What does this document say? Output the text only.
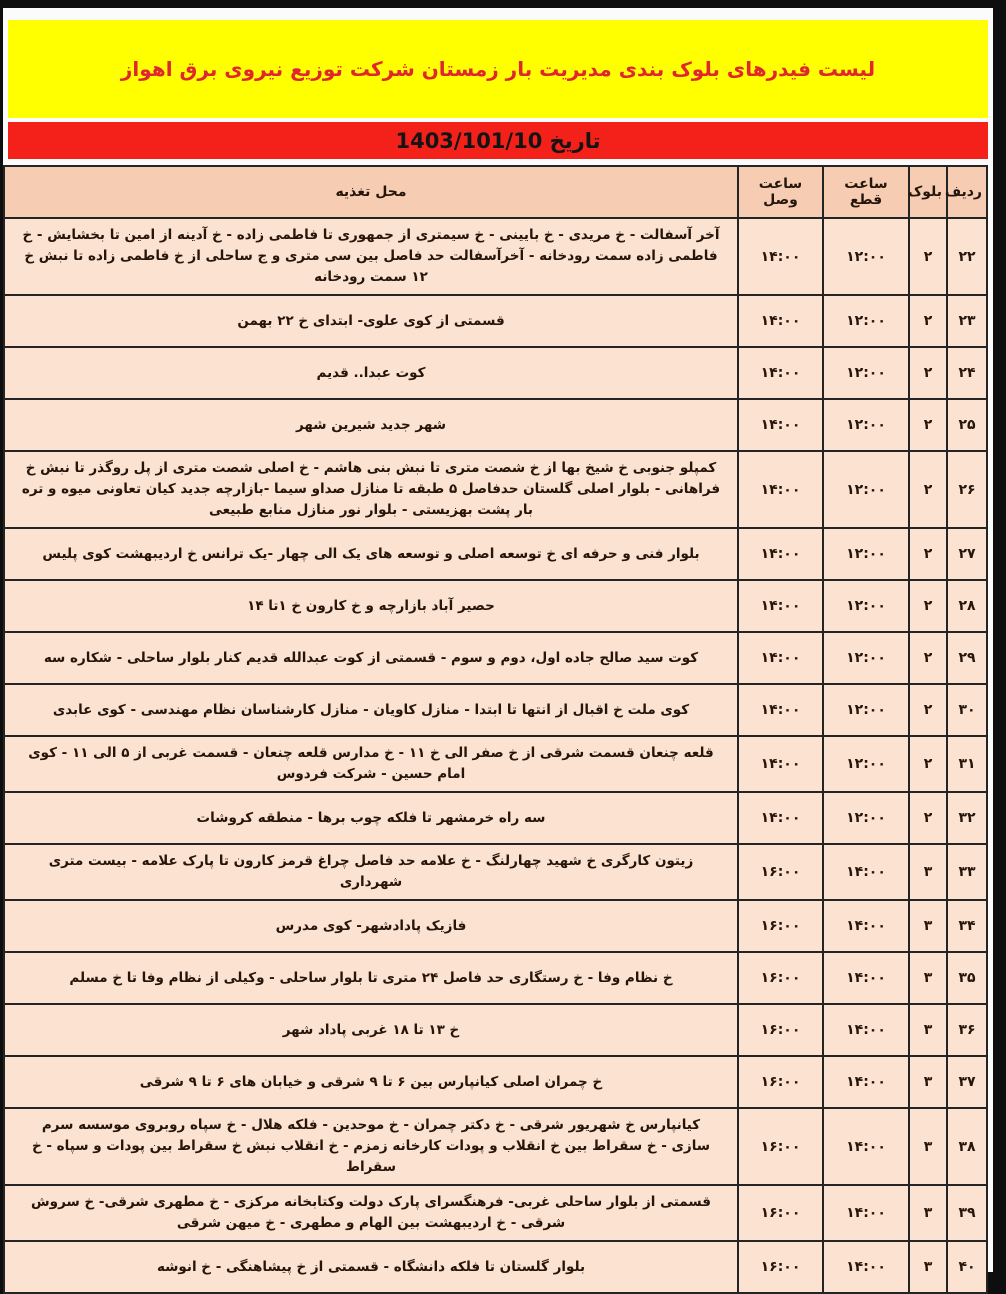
لیست فیدرهای بلوک بندی مدیریت بار زمستان شرکت توزیع نیروی برق اهواز
تاریخ 1403/101/10
ردیف	بلوک	ساعت قطع	ساعت وصل	محل تغذیه
۲۲	۲	۱۲:۰۰	۱۴:۰۰	آخر آسفالت - خ مریدی - خ بایینی - خ سیمتری از جمهوری تا فاطمی زاده - خ آدینه از امین تا بخشایش - خ فاطمی زاده سمت رودخانه - آخرآسفالت حد فاصل بین سی متری و ج ساحلی از خ فاطمی زاده تا نبش خ ۱۲ سمت رودخانه
۲۳	۲	۱۲:۰۰	۱۴:۰۰	قسمتی از کوی علوی- ابتدای خ ۲۲ بهمن
۲۴	۲	۱۲:۰۰	۱۴:۰۰	کوت عبدا.. قدیم
۲۵	۲	۱۲:۰۰	۱۴:۰۰	شهر جدید شیرین شهر
۲۶	۲	۱۲:۰۰	۱۴:۰۰	کمپلو جنوبی خ شیخ بها از خ شصت متری تا نبش بنی هاشم - خ اصلی شصت متری از پل روگذر تا نبش خ فراهانی - بلوار اصلی گلستان حدفاصل ۵ طبقه تا منازل صداو سیما -بازارچه جدید کیان تعاونی میوه و تره بار پشت بهزیستی - بلوار نور منازل منابع طبیعی
۲۷	۲	۱۲:۰۰	۱۴:۰۰	بلوار فنی و حرفه ای خ توسعه اصلی و توسعه های یک الی چهار -یک ترانس خ اردیبهشت کوی پلیس
۲۸	۲	۱۲:۰۰	۱۴:۰۰	حصیر آباد بازارچه و خ کارون خ ۱تا ۱۴
۲۹	۲	۱۲:۰۰	۱۴:۰۰	کوت سید صالح جاده اول، دوم و سوم - قسمتی از کوت عبدالله قدیم کنار بلوار ساحلی - شکاره سه
۳۰	۲	۱۲:۰۰	۱۴:۰۰	کوی ملت خ اقبال از انتها تا ابتدا - منازل کاویان - منازل کارشناسان نظام مهندسی - کوی عابدی
۳۱	۲	۱۲:۰۰	۱۴:۰۰	قلعه چنعان قسمت شرقی از خ صفر الی خ ۱۱ - خ مدارس قلعه چنعان - قسمت غربی از ۵ الی ۱۱ - کوی امام حسین - شرکت فردوس
۳۲	۲	۱۲:۰۰	۱۴:۰۰	سه راه خرمشهر تا فلکه چوب برها - منطقه کروشات
۳۳	۳	۱۴:۰۰	۱۶:۰۰	زیتون کارگری خ شهید چهارلنگ - خ علامه حد فاصل چراغ قرمز کارون تا پارک علامه - بیست متری شهرداری
۳۴	۳	۱۴:۰۰	۱۶:۰۰	فازیک پادادشهر- کوی مدرس
۳۵	۳	۱۴:۰۰	۱۶:۰۰	خ نظام وفا - خ رستگاری حد فاصل ۲۴ متری تا بلوار ساحلی - وکیلی از نظام وفا تا خ مسلم
۳۶	۳	۱۴:۰۰	۱۶:۰۰	خ ۱۳ تا ۱۸ غربی پاداد شهر
۳۷	۳	۱۴:۰۰	۱۶:۰۰	خ چمران اصلی کیانپارس بین ۶ تا ۹ شرقی و خیابان های ۶ تا ۹ شرقی
۳۸	۳	۱۴:۰۰	۱۶:۰۰	کیانپارس خ شهریور شرقی - خ دکتر چمران - خ موحدین - فلکه هلال - خ سپاه روبروی موسسه سرم سازی - خ سقراط بین خ انقلاب و پودات کارخانه زمزم - خ انقلاب نبش خ سقراط بین پودات و سپاه - خ سقراط
۳۹	۳	۱۴:۰۰	۱۶:۰۰	قسمتی از بلوار ساحلی غربی- فرهنگسرای پارک دولت وکتابخانه مرکزی - خ مطهری شرقی- خ سروش شرقی - خ اردیبهشت بین الهام و مطهری - خ میهن شرقی
۴۰	۳	۱۴:۰۰	۱۶:۰۰	بلوار گلستان تا فلکه دانشگاه - قسمتی از خ پیشاهنگی - خ انوشه
